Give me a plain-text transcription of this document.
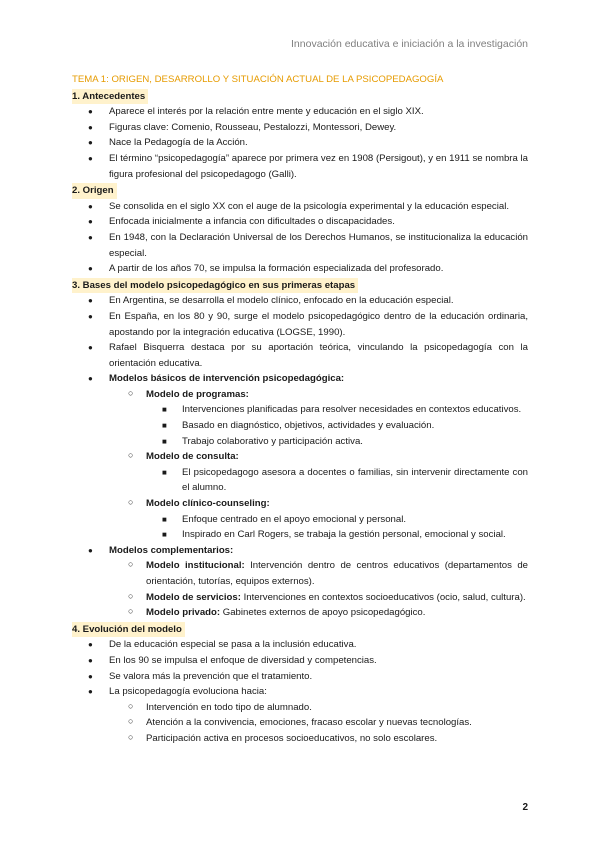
Innovación educativa e iniciación a la investigación
TEMA 1: ORIGEN, DESARROLLO Y SITUACIÓN ACTUAL DE LA PSICOPEDAGOGÍA
1. Antecedentes
● Aparece el interés por la relación entre mente y educación en el siglo XIX.
● Figuras clave: Comenio, Rousseau, Pestalozzi, Montessori, Dewey.
● Nace la Pedagogía de la Acción.
● El término “psicopedagogía” aparece por primera vez en 1908 (Persigout), y en 1911 se nombra la figura profesional del psicopedagogo (Galli).
2. Origen
● Se consolida en el siglo XX con el auge de la psicología experimental y la educación especial.
● Enfocada inicialmente a infancia con dificultades o discapacidades.
● En 1948, con la Declaración Universal de los Derechos Humanos, se institucionaliza la educación especial.
● A partir de los años 70, se impulsa la formación especializada del profesorado.
3. Bases del modelo psicopedagógico en sus primeras etapas
● En Argentina, se desarrolla el modelo clínico, enfocado en la educación especial.
● En España, en los 80 y 90, surge el modelo psicopedagógico dentro de la educación ordinaria, apostando por la integración educativa (LOGSE, 1990).
● Rafael Bisquerra destaca por su aportación teórica, vinculando la psicopedagogía con la orientación educativa.
● Modelos básicos de intervención psicopedagógica:
○ Modelo de programas:
■ Intervenciones planificadas para resolver necesidades en contextos educativos.
■ Basado en diagnóstico, objetivos, actividades y evaluación.
■ Trabajo colaborativo y participación activa.
○ Modelo de consulta:
■ El psicopedagogo asesora a docentes o familias, sin intervenir directamente con el alumno.
○ Modelo clínico-counseling:
■ Enfoque centrado en el apoyo emocional y personal.
■ Inspirado en Carl Rogers, se trabaja la gestión personal, emocional y social.
● Modelos complementarios:
○ Modelo institucional: Intervención dentro de centros educativos (departamentos de orientación, tutorías, equipos externos).
○ Modelo de servicios: Intervenciones en contextos socioeducativos (ocio, salud, cultura).
○ Modelo privado: Gabinetes externos de apoyo psicopedagógico.
4. Evolución del modelo
● De la educación especial se pasa a la inclusión educativa.
● En los 90 se impulsa el enfoque de diversidad y competencias.
● Se valora más la prevención que el tratamiento.
● La psicopedagogía evoluciona hacia:
○ Intervención en todo tipo de alumnado.
○ Atención a la convivencia, emociones, fracaso escolar y nuevas tecnologías.
○ Participación activa en procesos socioeducativos, no solo escolares.
2
